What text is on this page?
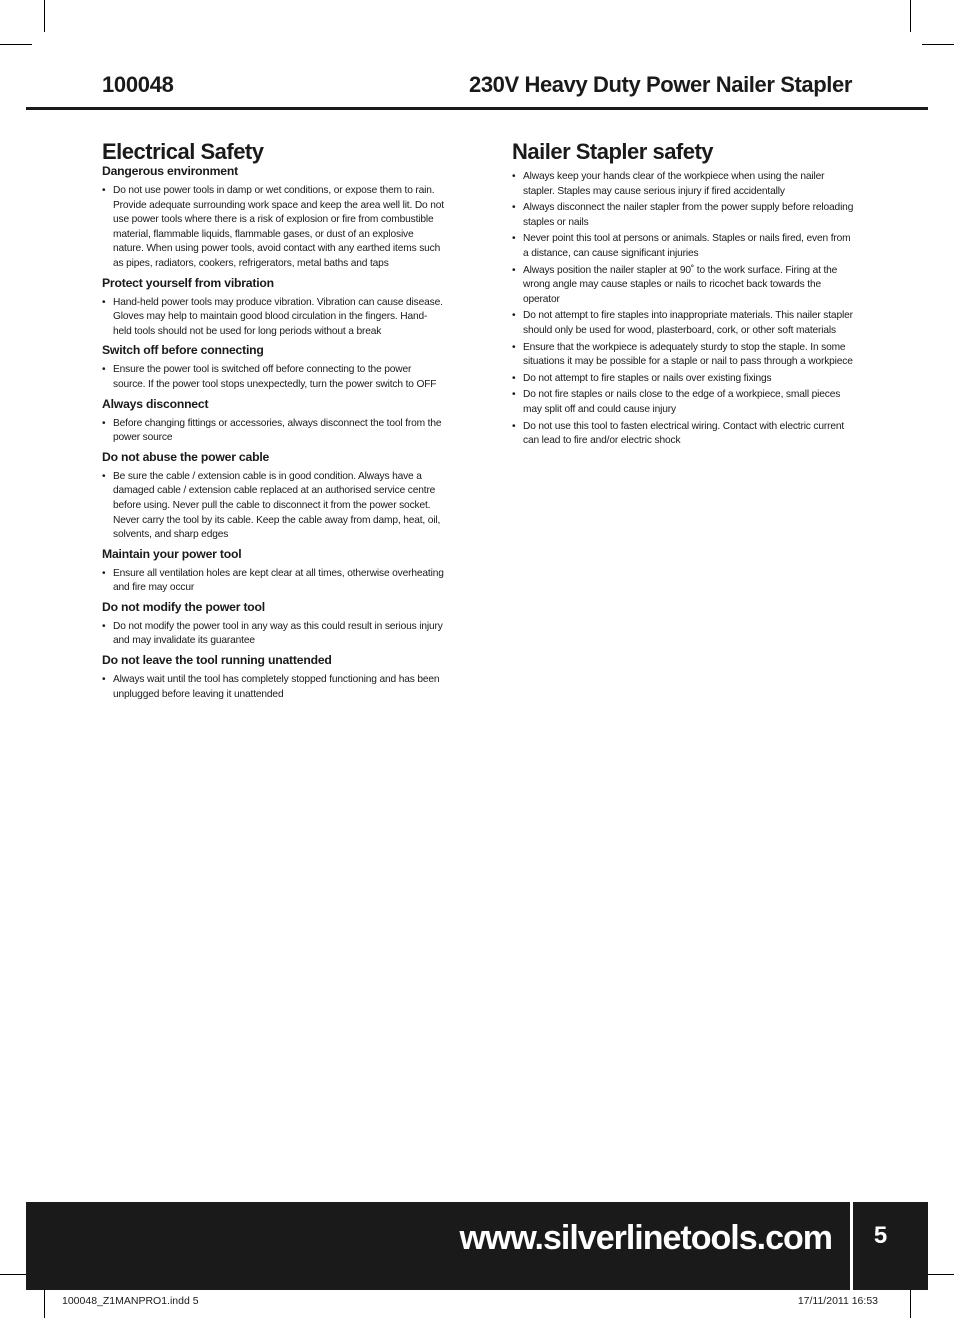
100048	230V Heavy Duty Power Nailer Stapler
Electrical Safety
Dangerous environment
• Do not use power tools in damp or wet conditions, or expose them to rain. Provide adequate surrounding work space and keep the area well lit. Do not use power tools where there is a risk of explosion or fire from combustible material, flammable liquids, flammable gases, or dust of an explosive nature. When using power tools, avoid contact with any earthed items such as pipes, radiators, cookers, refrigerators, metal baths and taps
Protect yourself from vibration
• Hand-held power tools may produce vibration. Vibration can cause disease. Gloves may help to maintain good blood circulation in the fingers. Hand-held tools should not be used for long periods without a break
Switch off before connecting
• Ensure the power tool is switched off before connecting to the power source. If the power tool stops unexpectedly, turn the power switch to OFF
Always disconnect
• Before changing fittings or accessories, always disconnect the tool from the power source
Do not abuse the power cable
• Be sure the cable / extension cable is in good condition. Always have a damaged cable / extension cable replaced at an authorised service centre before using. Never pull the cable to disconnect it from the power socket. Never carry the tool by its cable. Keep the cable away from damp, heat, oil, solvents, and sharp edges
Maintain your power tool
• Ensure all ventilation holes are kept clear at all times, otherwise overheating and fire may occur
Do not modify the power tool
• Do not modify the power tool in any way as this could result in serious injury and may invalidate its guarantee
Do not leave the tool running unattended
• Always wait until the tool has completely stopped functioning and has been unplugged before leaving it unattended
Nailer Stapler safety
• Always keep your hands clear of the workpiece when using the nailer stapler. Staples may cause serious injury if fired accidentally
• Always disconnect the nailer stapler from the power supply before reloading staples or nails
• Never point this tool at persons or animals. Staples or nails fired, even from a distance, can cause significant injuries
• Always position the nailer stapler at 90˚ to the work surface. Firing at the wrong angle may cause staples or nails to ricochet back towards the operator
• Do not attempt to fire staples into inappropriate materials. This nailer stapler should only be used for wood, plasterboard, cork, or other soft materials
• Ensure that the workpiece is adequately sturdy to stop the staple. In some situations it may be possible for a staple or nail to pass through a workpiece
• Do not attempt to fire staples or nails over existing fixings
• Do not fire staples or nails close to the edge of a workpiece, small pieces may split off and could cause injury
• Do not use this tool to fasten electrical wiring. Contact with electric current can lead to fire and/or electric shock
www.silverlinetools.com	5
100048_Z1MANPRO1.indd 5	17/11/2011 16:53
